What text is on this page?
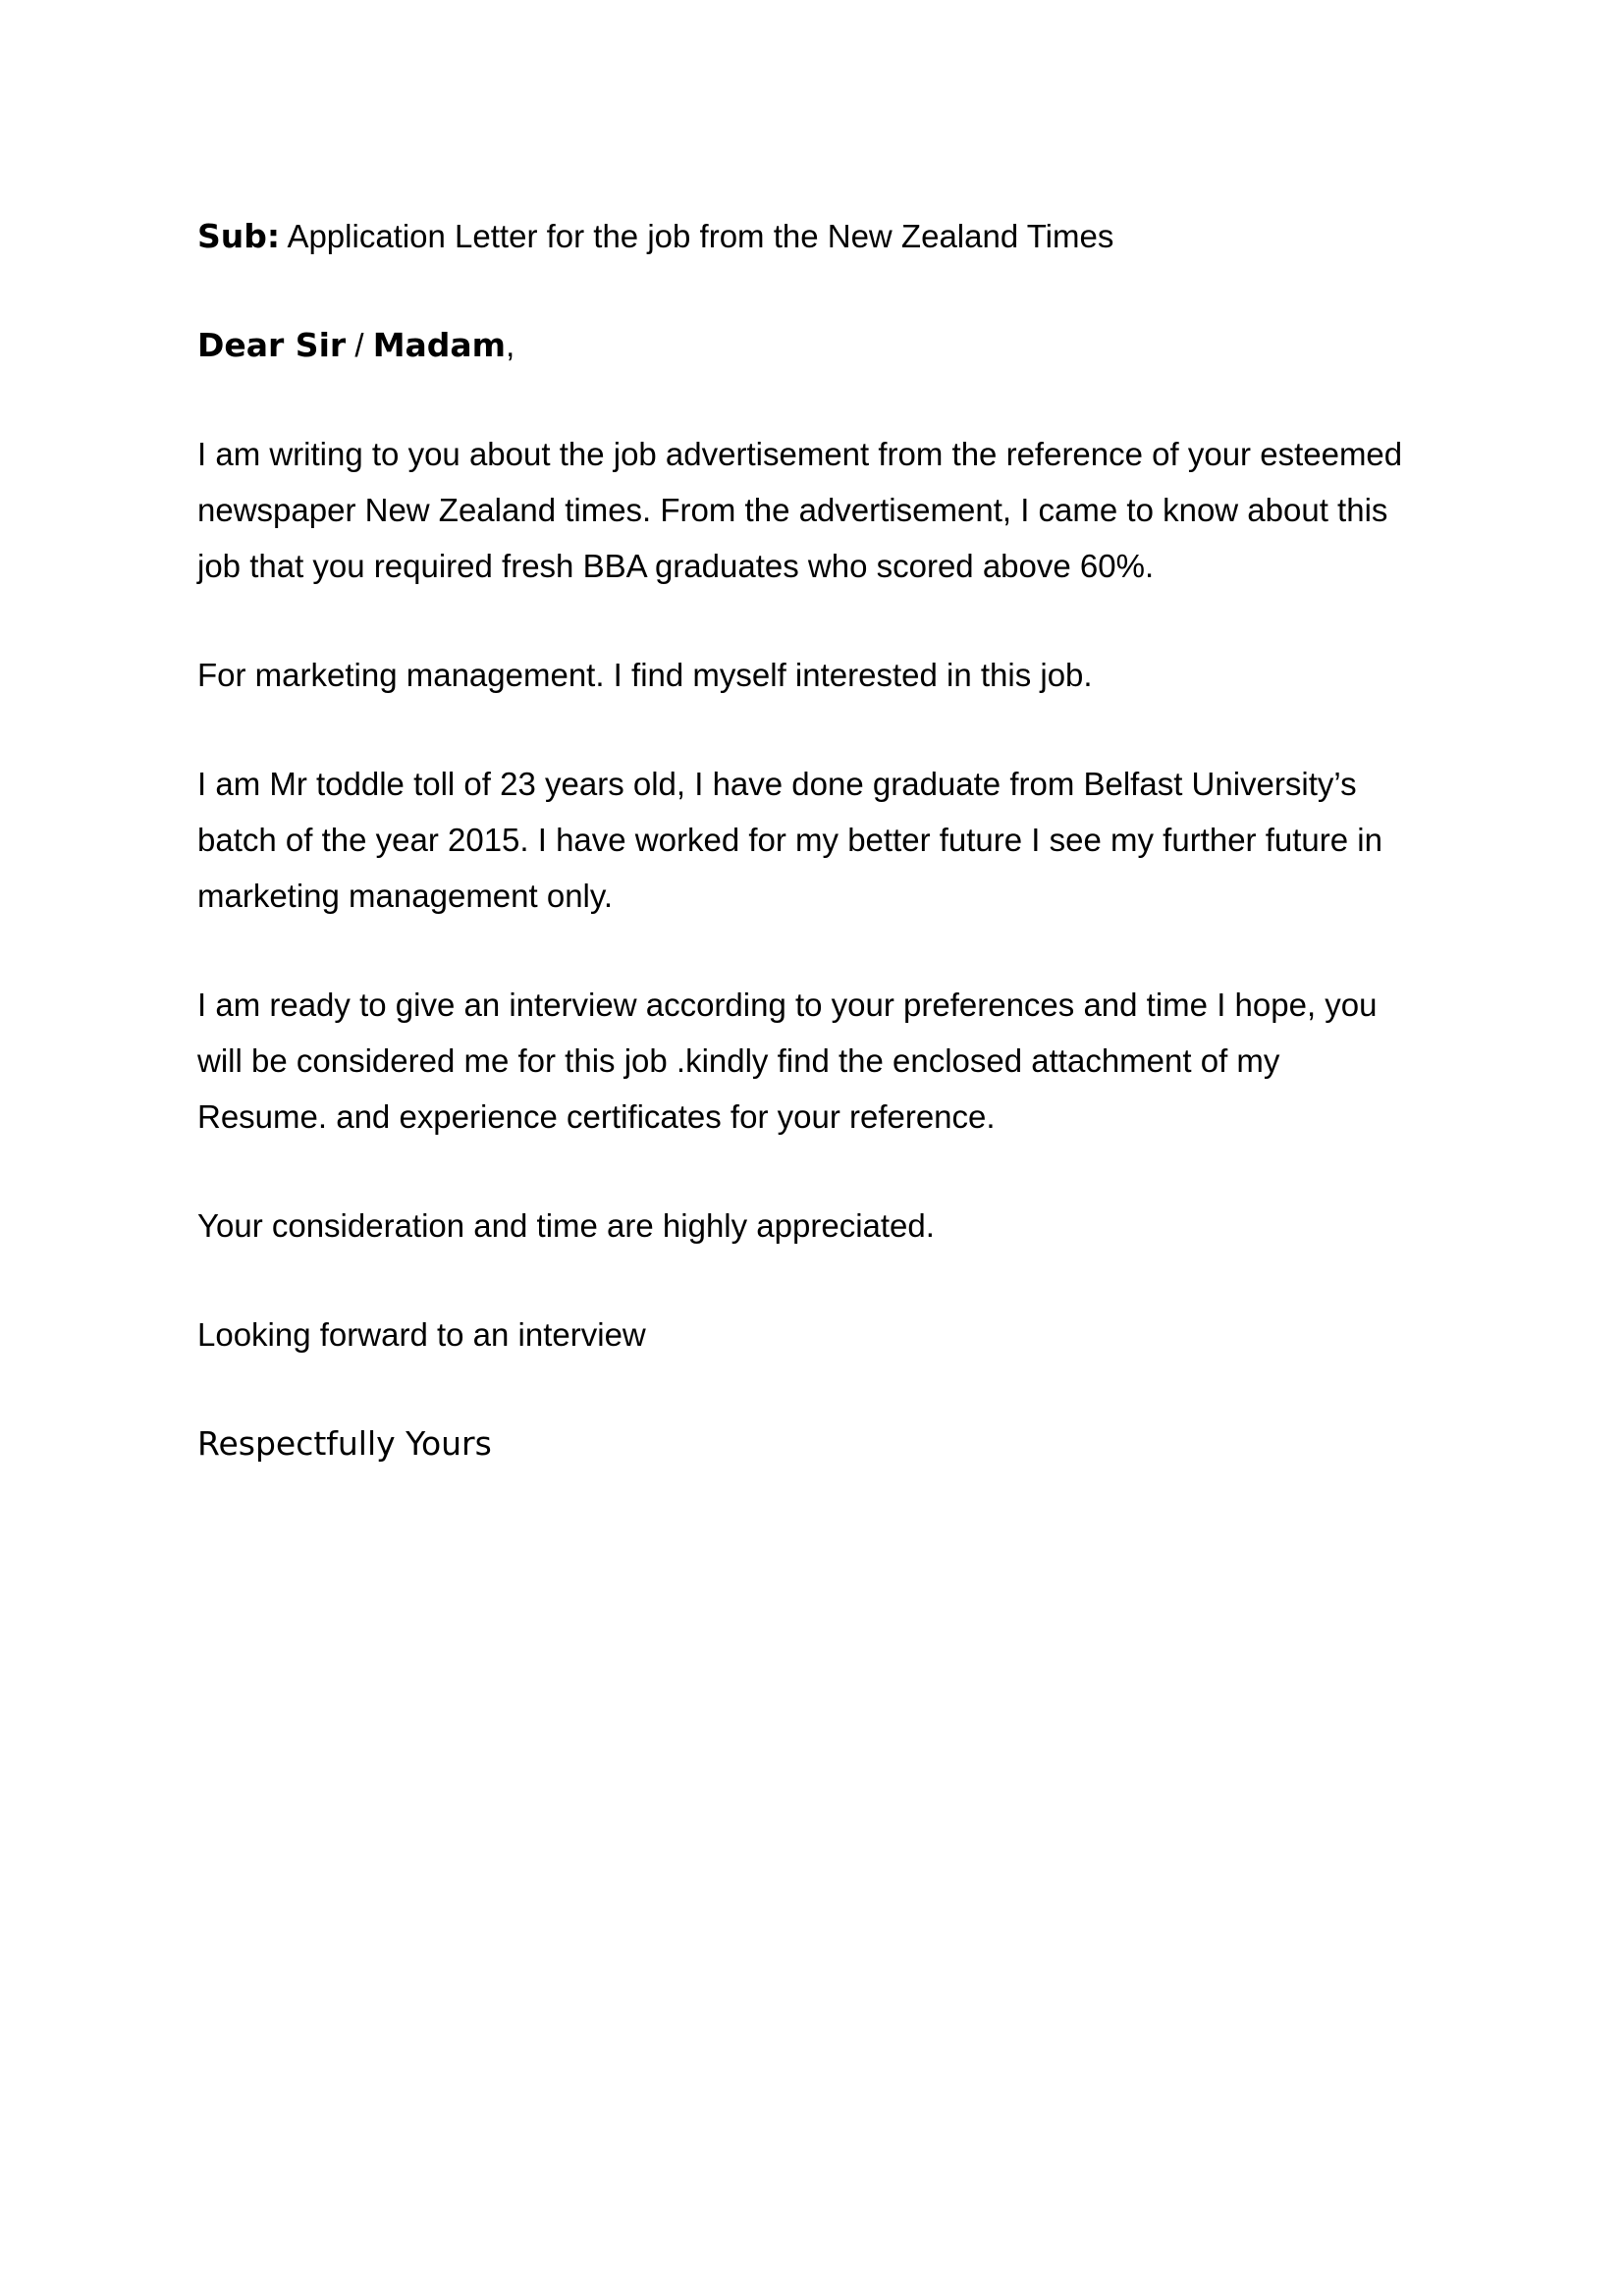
Sub: Application Letter for the job from the New Zealand Times
Dear Sir / Madam,
I am writing to you about the job advertisement from the reference of your esteemed
newspaper New Zealand times. From the advertisement, I came to know about this
job that you required fresh BBA graduates who scored above 60%.
For marketing management. I find myself interested in this job.
I am Mr toddle toll of 23 years old, I have done graduate from Belfast University’s
batch of the year 2015. I have worked for my better future I see my further future in
marketing management only.
I am ready to give an interview according to your preferences and time I hope, you
will be considered me for this job .kindly find the enclosed attachment of my
Resume. and experience certificates for your reference.
Your consideration and time are highly appreciated.
Looking forward to an interview
Respectfully Yours
